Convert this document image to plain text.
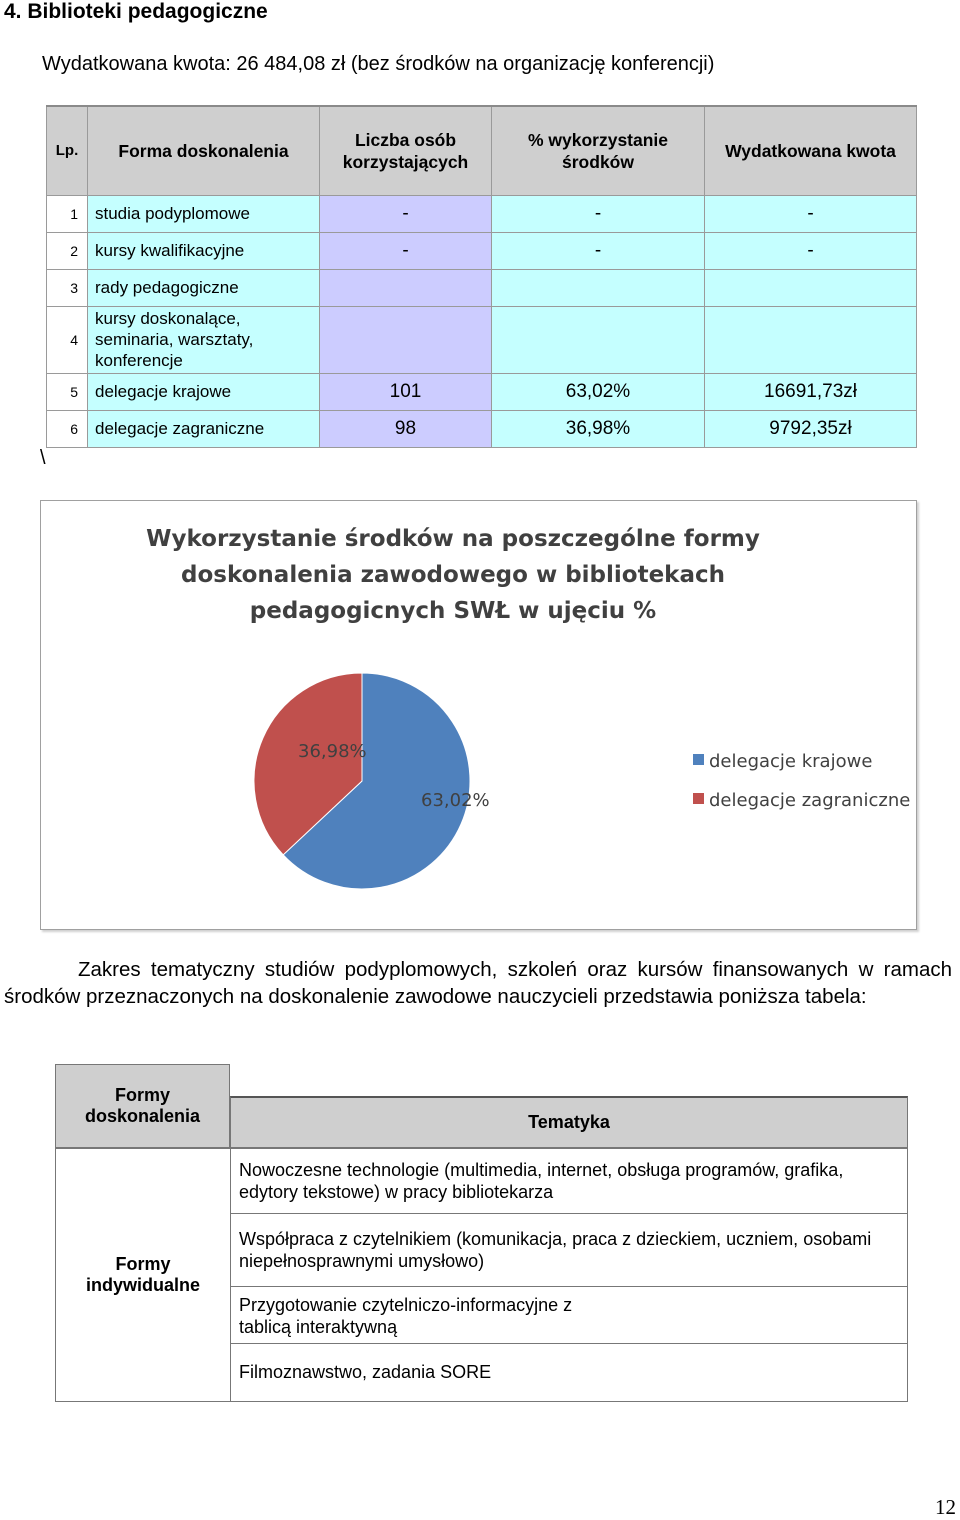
4. Biblioteki pedagogiczne
Wydatkowana kwota: 26 484,08 zł (bez środków na organizację konferencji)
Lp.	Forma doskonalenia	Liczba osób korzystających	% wykorzystanie środków	Wydatkowana kwota
1	studia podyplomowe	-	-	-
2	kursy kwalifikacyjne	-	-	-
3	rady pedagogiczne			
4	kursy doskonalące, seminaria, warsztaty, konferencje			
5	delegacje krajowe	101	63,02%	16691,73zł
6	delegacje zagraniczne	98	36,98%	9792,35zł
\
Wykorzystanie środków na poszczególne formy
doskonalenia zawodowego w bibliotekach
pedagogicnych SWŁ w ujęciu %
63,02%
36,98%	delegacje krajowe
delegacje zagraniczne
Zakres tematyczny studiów podyplomowych, szkoleń oraz kursów finansowanych w ramach środków przeznaczonych na doskonalenie zawodowe nauczycieli przedstawia poniższa tabela:
Formy doskonalenia	Tematyka
Formy indywidualne
Nowoczesne technologie (multimedia, internet, obsługa programów, grafika, edytory tekstowe) w pracy bibliotekarza
Współpraca z czytelnikiem (komunikacja, praca z dzieckiem, uczniem, osobami niepełnosprawnymi umysłowo)
Przygotowanie czytelniczo-informacyjne z tablicą interaktywną
Filmoznawstwo, zadania SORE
12
